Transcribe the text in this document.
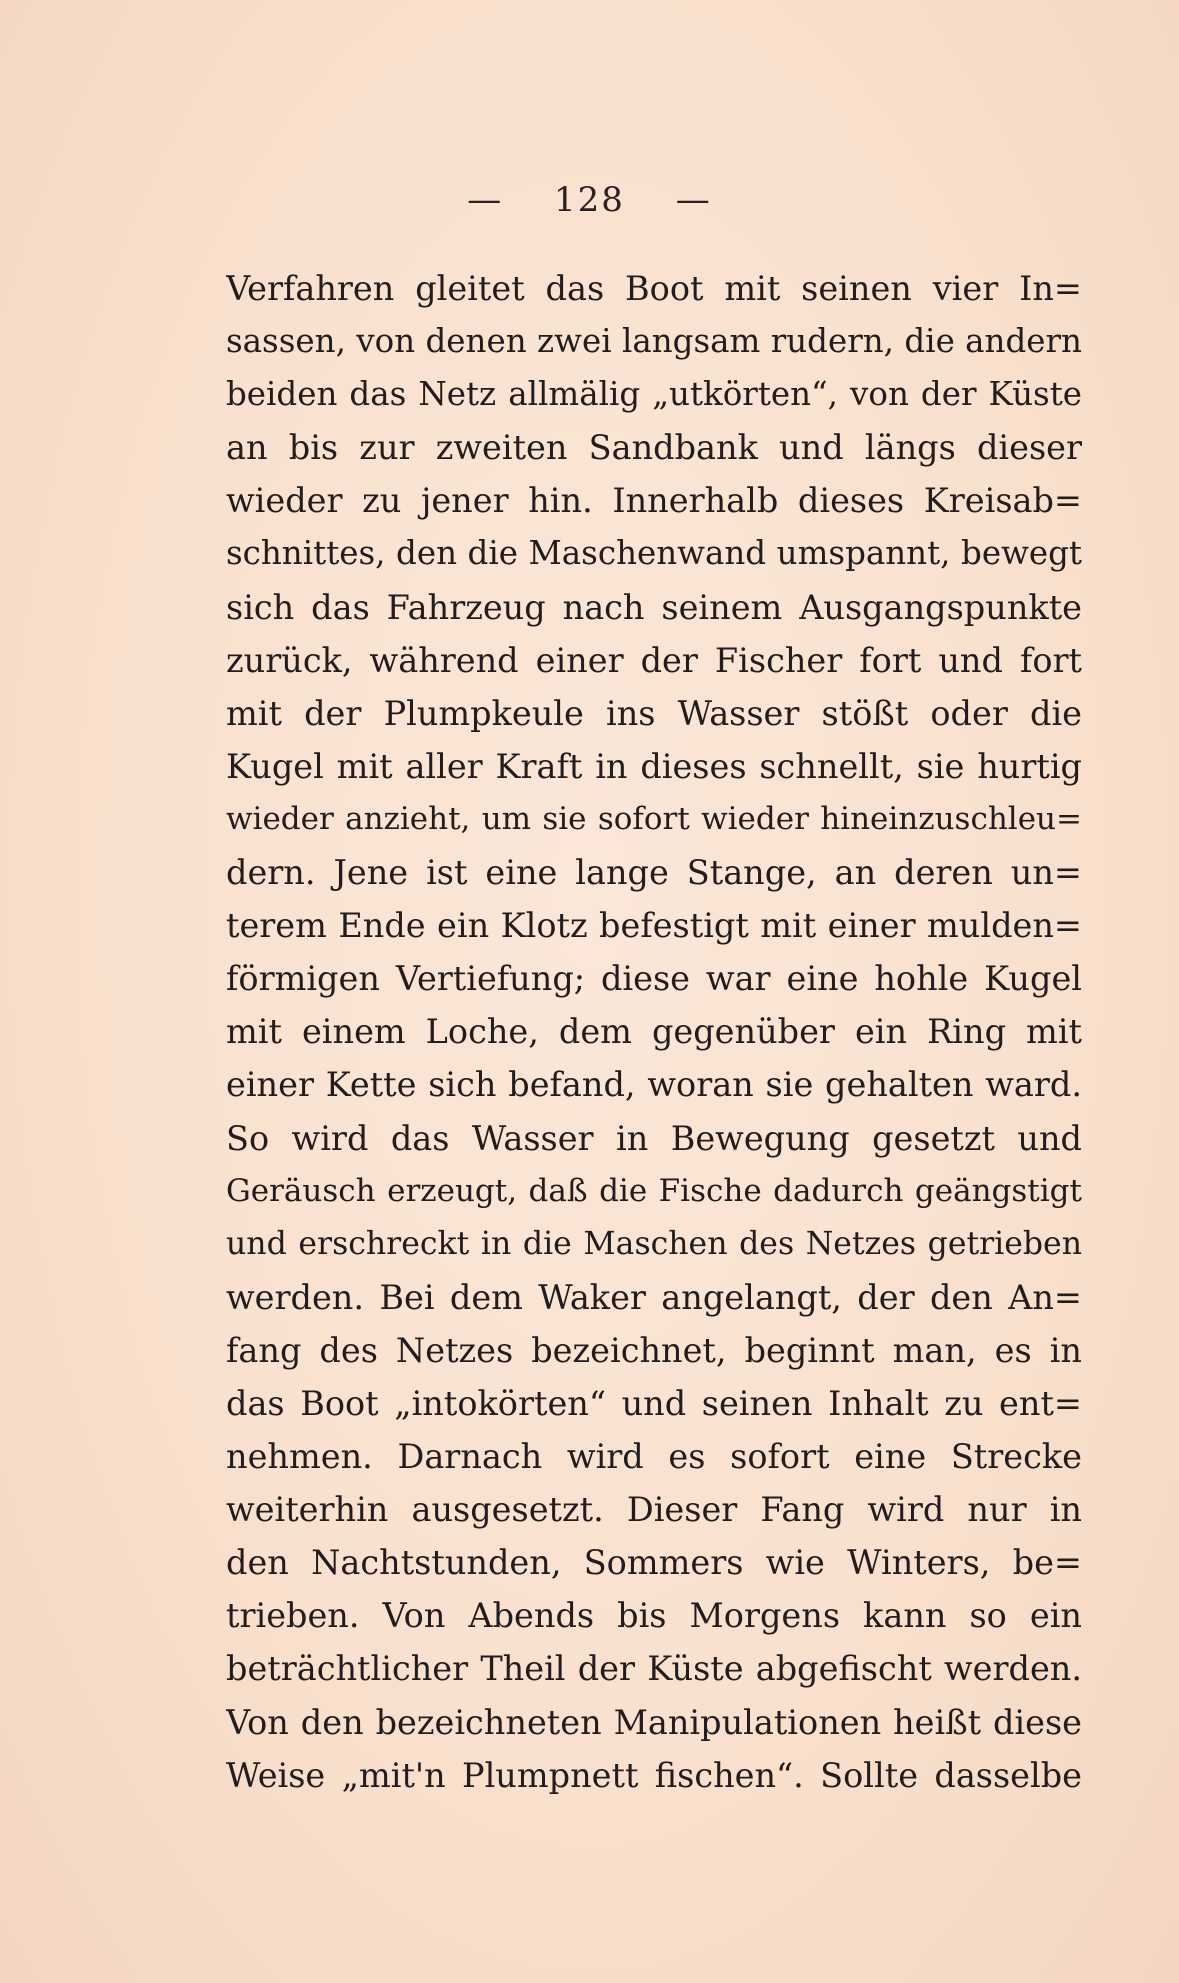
— 128 —
Verfahren gleitet das Boot mit seinen vier In=
sassen, von denen zwei langsam rudern, die andern
beiden das Netz allmälig „utkörten“, von der Küste
an bis zur zweiten Sandbank und längs dieser
wieder zu jener hin. Innerhalb dieses Kreisab=
schnittes, den die Maschenwand umspannt, bewegt
sich das Fahrzeug nach seinem Ausgangspunkte
zurück, während einer der Fischer fort und fort
mit der Plumpkeule ins Wasser stößt oder die
Kugel mit aller Kraft in dieses schnellt, sie hurtig
wieder anzieht, um sie sofort wieder hineinzuschleu=
dern. Jene ist eine lange Stange, an deren un=
terem Ende ein Klotz befestigt mit einer mulden=
förmigen Vertiefung; diese war eine hohle Kugel
mit einem Loche, dem gegenüber ein Ring mit
einer Kette sich befand, woran sie gehalten ward.
So wird das Wasser in Bewegung gesetzt und
Geräusch erzeugt, daß die Fische dadurch geängstigt
und erschreckt in die Maschen des Netzes getrieben
werden. Bei dem Waker angelangt, der den An=
fang des Netzes bezeichnet, beginnt man, es in
das Boot „intokörten“ und seinen Inhalt zu ent=
nehmen. Darnach wird es sofort eine Strecke
weiterhin ausgesetzt. Dieser Fang wird nur in
den Nachtstunden, Sommers wie Winters, be=
trieben. Von Abends bis Morgens kann so ein
beträchtlicher Theil der Küste abgefischt werden.
Von den bezeichneten Manipulationen heißt diese
Weise „mit'n Plumpnett fischen“. Sollte dasselbe
